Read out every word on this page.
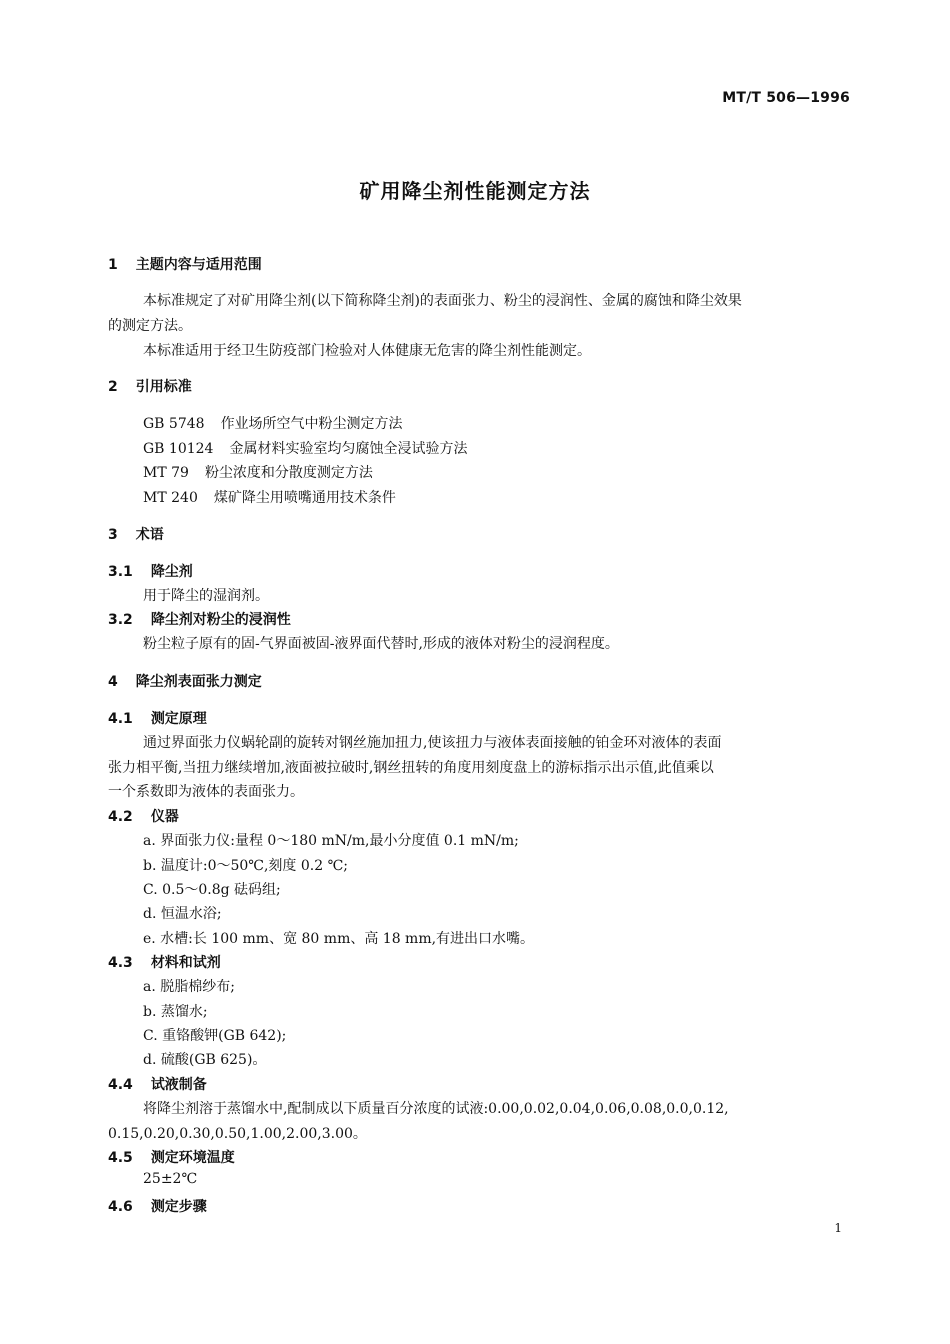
MT/T 506—1996
矿用降尘剂性能测定方法
1 主题内容与适用范围
本标准规定了对矿用降尘剂(以下简称降尘剂)的表面张力、粉尘的浸润性、金属的腐蚀和降尘效果
的测定方法。
本标准适用于经卫生防疫部门检验对人体健康无危害的降尘剂性能测定。
2 引用标准
GB 5748 作业场所空气中粉尘测定方法
GB 10124 金属材料实验室均匀腐蚀全浸试验方法
MT 79 粉尘浓度和分散度测定方法
MT 240 煤矿降尘用喷嘴通用技术条件
3 术语
3.1 降尘剂
用于降尘的湿润剂。
3.2 降尘剂对粉尘的浸润性
粉尘粒子原有的固-气界面被固-液界面代替时,形成的液体对粉尘的浸润程度。
4 降尘剂表面张力测定
4.1 测定原理
通过界面张力仪蜗轮副的旋转对钢丝施加扭力,使该扭力与液体表面接触的铂金环对液体的表面
张力相平衡,当扭力继续增加,液面被拉破时,钢丝扭转的角度用刻度盘上的游标指示出示值,此值乘以
一个系数即为液体的表面张力。
4.2 仪器
a. 界面张力仪:量程 0～180 mN/m,最小分度值 0.1 mN/m;
b. 温度计:0～50℃,刻度 0.2 ℃;
C. 0.5～0.8g 砝码组;
d. 恒温水浴;
e. 水槽:长 100 mm、宽 80 mm、高 18 mm,有进出口水嘴。
4.3 材料和试剂
a. 脱脂棉纱布;
b. 蒸馏水;
C. 重铬酸钾(GB 642);
d. 硫酸(GB 625)。
4.4 试液制备
将降尘剂溶于蒸馏水中,配制成以下质量百分浓度的试液:0.00,0.02,0.04,0.06,0.08,0.0,0.12,
0.15,0.20,0.30,0.50,1.00,2.00,3.00。
4.5 测定环境温度
25±2℃
4.6 测定步骤
1
